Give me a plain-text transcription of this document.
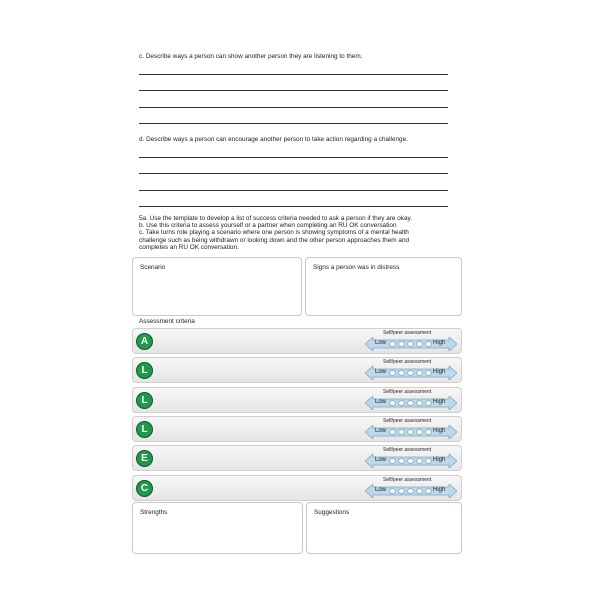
c. Describe ways a person can show another person they are listening to them.
d. Describe ways a person can encourage another person to take action regarding a challenge.
5a. Use the template to develop a list of success criteria needed to ask a person if they are okay.
b. Use this criteria to assess yourself or a partner when completing an RU OK conversation
c. Take turns role playing a scenario where one person is showing symptoms of a mental health
challenge such as being withdrawn or looking down and the other person approaches them and
completes an RU OK conversation.
Scenario	Signs a person was in distress
Assessment criteria
A
Self/peer assessment
Low	High
L
Self/peer assessment
Low	High
L
Self/peer assessment
Low	High
L
Self/peer assessment
Low	High
E
Self/peer assessment
Low	High
C
Self/peer assessment
Low	High
Strengths	Suggestions
